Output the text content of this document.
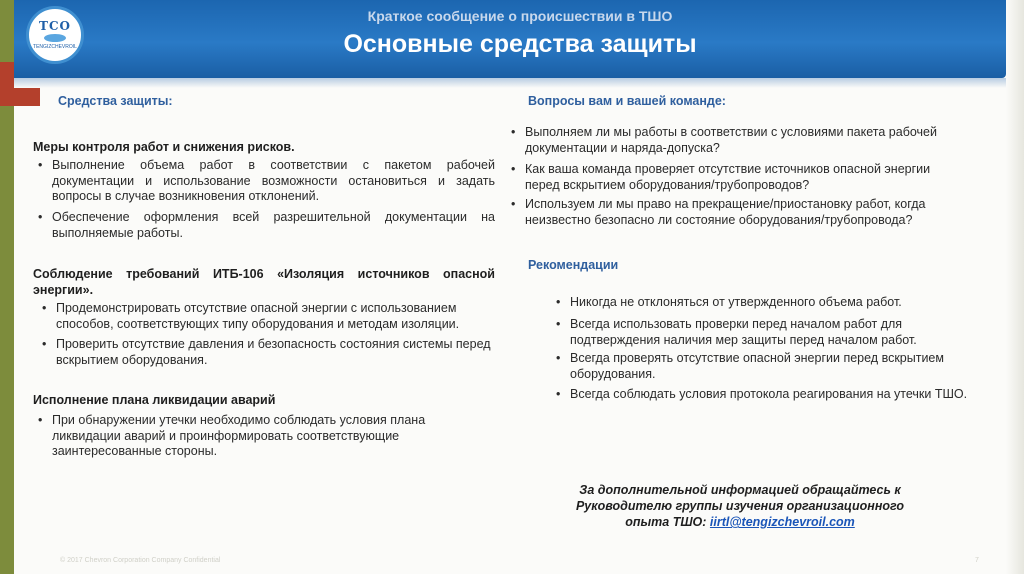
TCO
TENGIZCHEVROIL
Краткое сообщение о происшествии в ТШО
Основные средства защиты
Средства защиты:
Меры контроля работ и снижения рисков.
• Выполнение объема работ в соответствии с пакетом рабочей документации и использование возможности остановиться и задать вопросы в случае возникновения отклонений.
• Обеспечение оформления всей разрешительной документации на выполняемые работы.
Соблюдение требований ИТБ-106 «Изоляция источников опасной энергии».
• Продемонстрировать отсутствие опасной энергии с использованием способов, соответствующих типу оборудования и методам изоляции.
• Проверить отсутствие давления и безопасность состояния системы перед вскрытием оборудования.
Исполнение плана ликвидации аварий
• При обнаружении утечки необходимо соблюдать условия плана ликвидации аварий и проинформировать соответствующие заинтересованные стороны.
Вопросы вам и вашей команде:
• Выполняем ли мы работы в соответствии с условиями пакета рабочей документации и наряда-допуска?
• Как ваша команда проверяет отсутствие источников опасной энергии перед вскрытием оборудования/трубопроводов?
• Используем ли мы право на прекращение/приостановку работ, когда неизвестно безопасно ли состояние оборудования/трубопровода?
Рекомендации
• Никогда не отклоняться от утвержденного объема работ.
• Всегда использовать проверки перед началом работ для подтверждения наличия мер защиты перед началом работ.
• Всегда проверять отсутствие опасной энергии перед вскрытием оборудования.
• Всегда соблюдать условия протокола реагирования на утечки ТШО.
За дополнительной информацией обращайтесь к
Руководителю группы изучения организационного
опыта ТШО: iirtl@tengizchevroil.com
© 2017 Chevron Corporation Company Confidential	7
